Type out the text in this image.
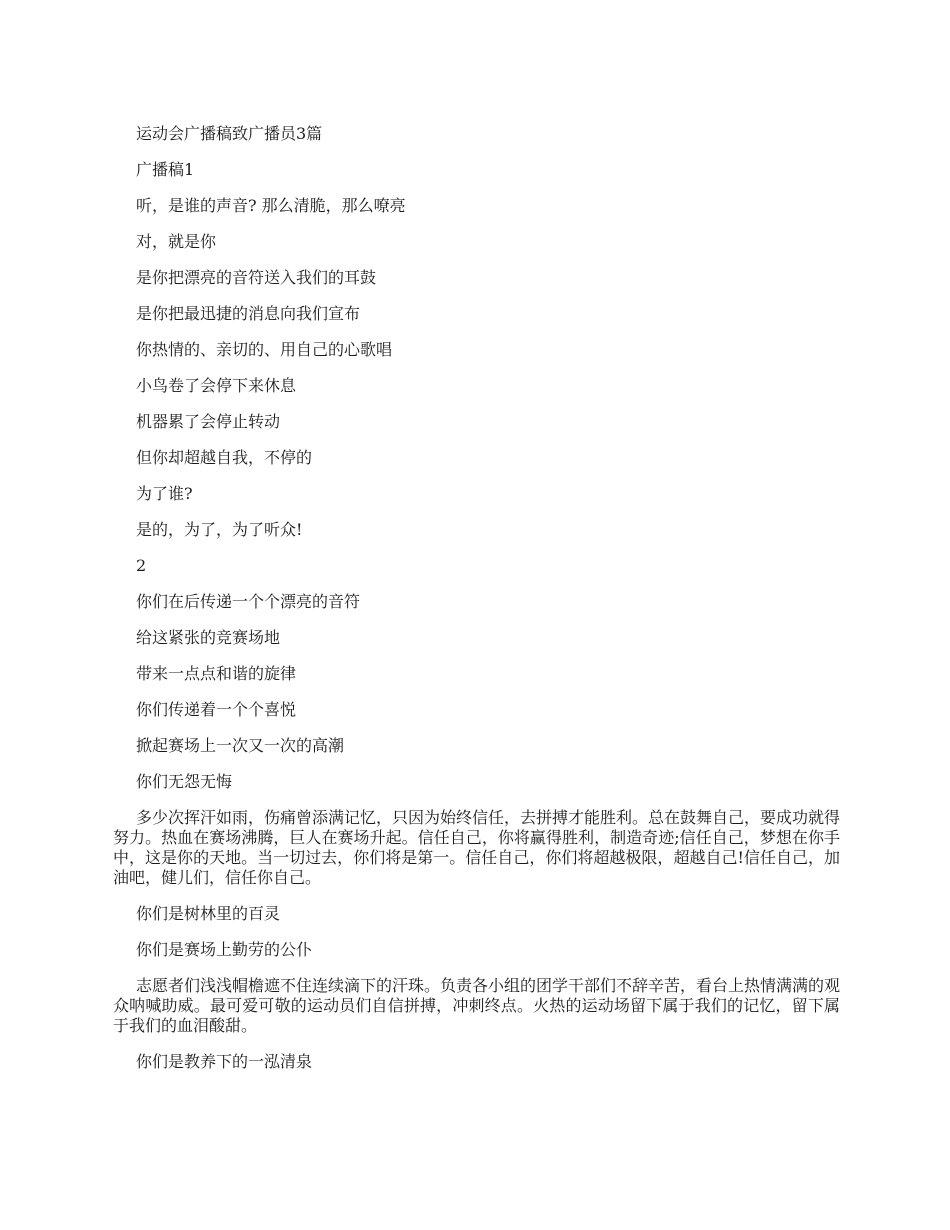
运动会广播稿致广播员3篇
广播稿1
听，是谁的声音? 那么清脆，那么嘹亮
对，就是你
是你把漂亮的音符送入我们的耳鼓
是你把最迅捷的消息向我们宣布
你热情的、亲切的、用自己的心歌唱
小鸟卷了会停下来休息
机器累了会停止转动
但你却超越自我，不停的
为了谁?
是的，为了，为了听众!
2
你们在后传递一个个漂亮的音符
给这紧张的竞赛场地
带来一点点和谐的旋律
你们传递着一个个喜悦
掀起赛场上一次又一次的高潮
你们无怨无悔
多少次挥汗如雨，伤痛曾添满记忆，只因为始终信任，去拼搏才能胜利。总在鼓舞自己，要成功就得努力。热血在赛场沸腾，巨人在赛场升起。信任自己，你将赢得胜利，制造奇迹;信任自己，梦想在你手中，这是你的天地。当一切过去，你们将是第一。信任自己，你们将超越极限，超越自己!信任自己，加油吧，健儿们，信任你自己。
你们是树林里的百灵
你们是赛场上勤劳的公仆
志愿者们浅浅帽檐遮不住连续滴下的汗珠。负责各小组的团学干部们不辞辛苦，看台上热情满满的观众呐喊助威。最可爱可敬的运动员们自信拼搏，冲刺终点。火热的运动场留下属于我们的记忆，留下属于我们的血泪酸甜。
你们是教养下的一泓清泉
